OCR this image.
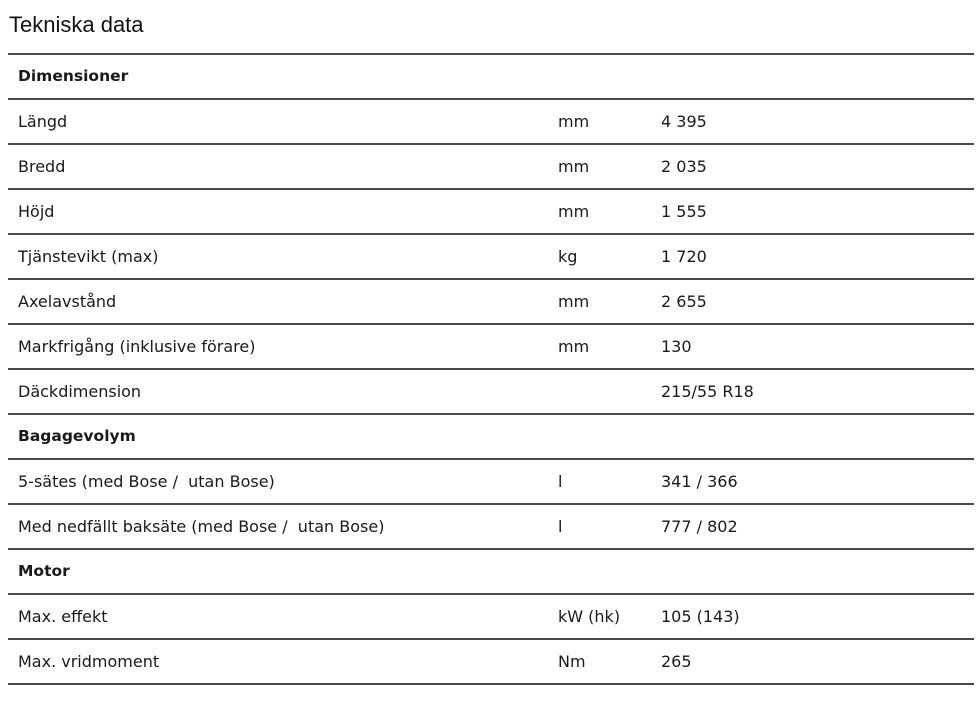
Tekniska data
Dimensioner		
Längd	mm	4 395
Bredd	mm	2 035
Höjd	mm	1 555
Tjänstevikt (max)	kg	1 720
Axelavstånd	mm	2 655
Markfrigång (inklusive förare)	mm	130
Däckdimension		215/55 R18
Bagagevolym		
5-sätes (med Bose /  utan Bose)	l	341 / 366
Med nedfällt baksäte (med Bose /  utan Bose)	l	777 / 802
Motor		
Max. effekt	kW (hk)	105 (143)
Max. vridmoment	Nm	265
